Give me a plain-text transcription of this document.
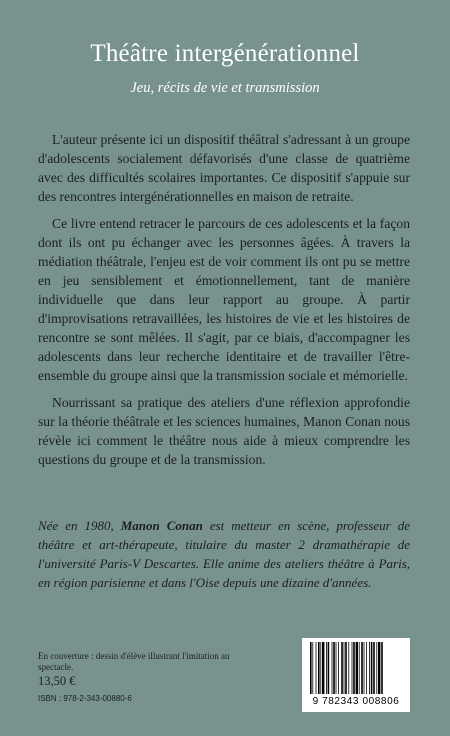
Théâtre intergénérationnel
Jeu, récits de vie et transmission

L'auteur présente ici un dispositif théâtral s'adressant à un groupe d'adolescents socialement défavorisés d'une classe de quatrième avec des difficultés scolaires importantes. Ce dispositif s'appuie sur des rencontres intergénérationnelles en maison de retraite.

Ce livre entend retracer le parcours de ces adolescents et la façon dont ils ont pu échanger avec les personnes âgées. À travers la médiation théâtrale, l'enjeu est de voir comment ils ont pu se mettre en jeu sensiblement et émotionnellement, tant de manière individuelle que dans leur rapport au groupe. À partir d'improvisations retravaillées, les histoires de vie et les histoires de rencontre se sont mêlées. Il s'agit, par ce biais, d'accompagner les adolescents dans leur recherche identitaire et de travailler l'être-ensemble du groupe ainsi que la transmission sociale et mémorielle.

Nourrissant sa pratique des ateliers d'une réflexion approfondie sur la théorie théâtrale et les sciences humaines, Manon Conan nous révèle ici comment le théâtre nous aide à mieux comprendre les questions du groupe et de la transmission.

Née en 1980, Manon Conan est metteur en scène, professeur de théâtre et art-thérapeute, titulaire du master 2 dramathérapie de l'université Paris-V Descartes. Elle anime des ateliers théâtre à Paris, en région parisienne et dans l'Oise depuis une dizaine d'années.
En couverture : dessin d'élève illustrant l'imitation au spectacle.
13,50 €
ISBN : 978-2-343-00880-6	9 782343 008806
